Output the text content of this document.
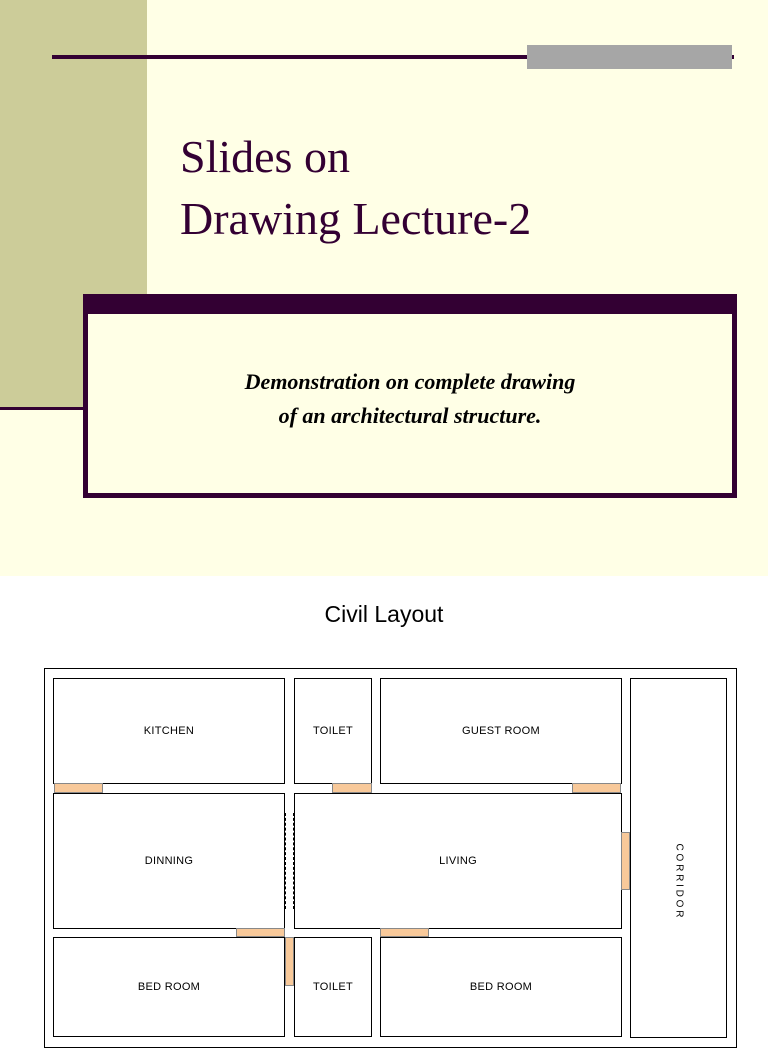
Slides on
Drawing Lecture-2
Demonstration on complete drawing
of an architectural structure.
Civil Layout
KITCHEN	TOILET	GUEST ROOM
C O R R I D O R
DINNING	LIVING
BED ROOM	TOILET	BED ROOM
